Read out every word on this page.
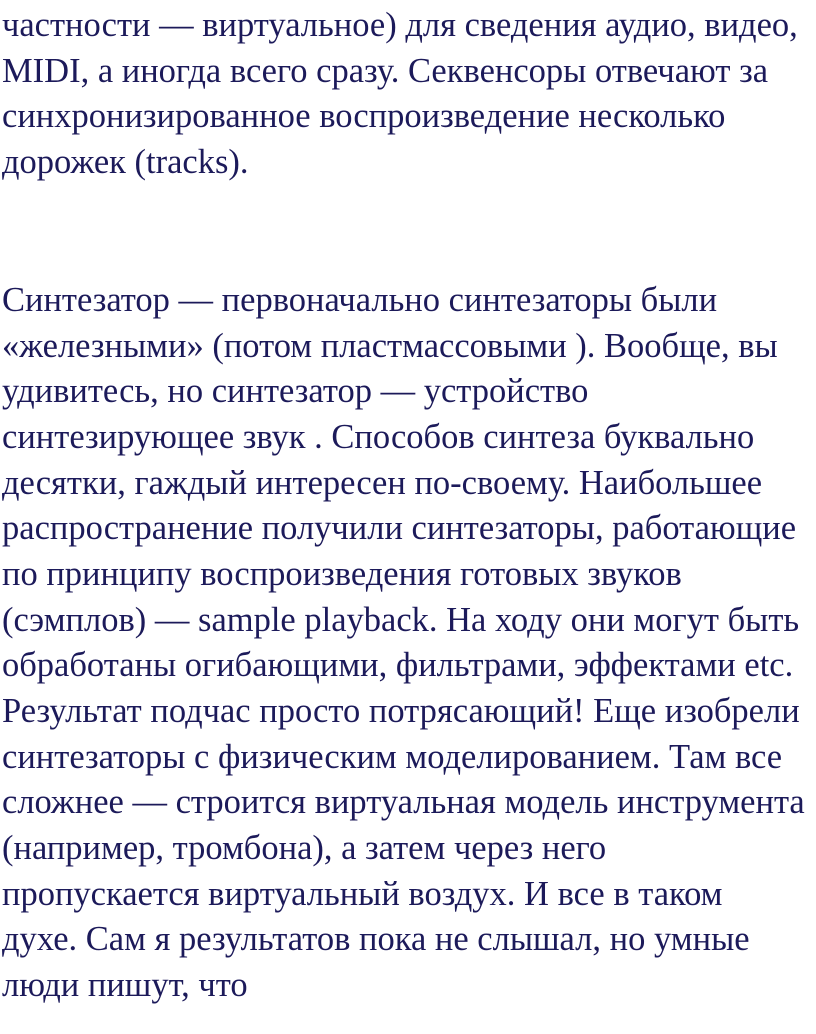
частности — виртуальное) для сведения аудио, видео,

MIDI, а иногда всего сразу. Секвенсоры отвечают за

синхронизированное воспроизведение несколько

дорожек (tracks).

Синтезатор — первоначально синтезаторы были

«железными» (потом пластмассовыми ). Вообще, вы

удивитесь, но синтезатор — устройство

синтезирующее звук . Способов синтеза буквально

десятки, гаждый интересен по-своему. Наибольшее

распространение получили синтезаторы, работающие

по принципу воспроизведения готовых звуков

(сэмплов) — sample playback. На ходу они могут быть

обработаны огибающими, фильтрами, эффектами etc.

Результат подчас просто потрясающий! Еще изобрели

синтезаторы с физическим моделированием. Там все

сложнее — строится виртуальная модель инструмента

(например, тромбона), а затем через него

пропускается виртуальный воздух. И все в таком

духе. Сам я результатов пока не слышал, но умные

люди пишут, что
